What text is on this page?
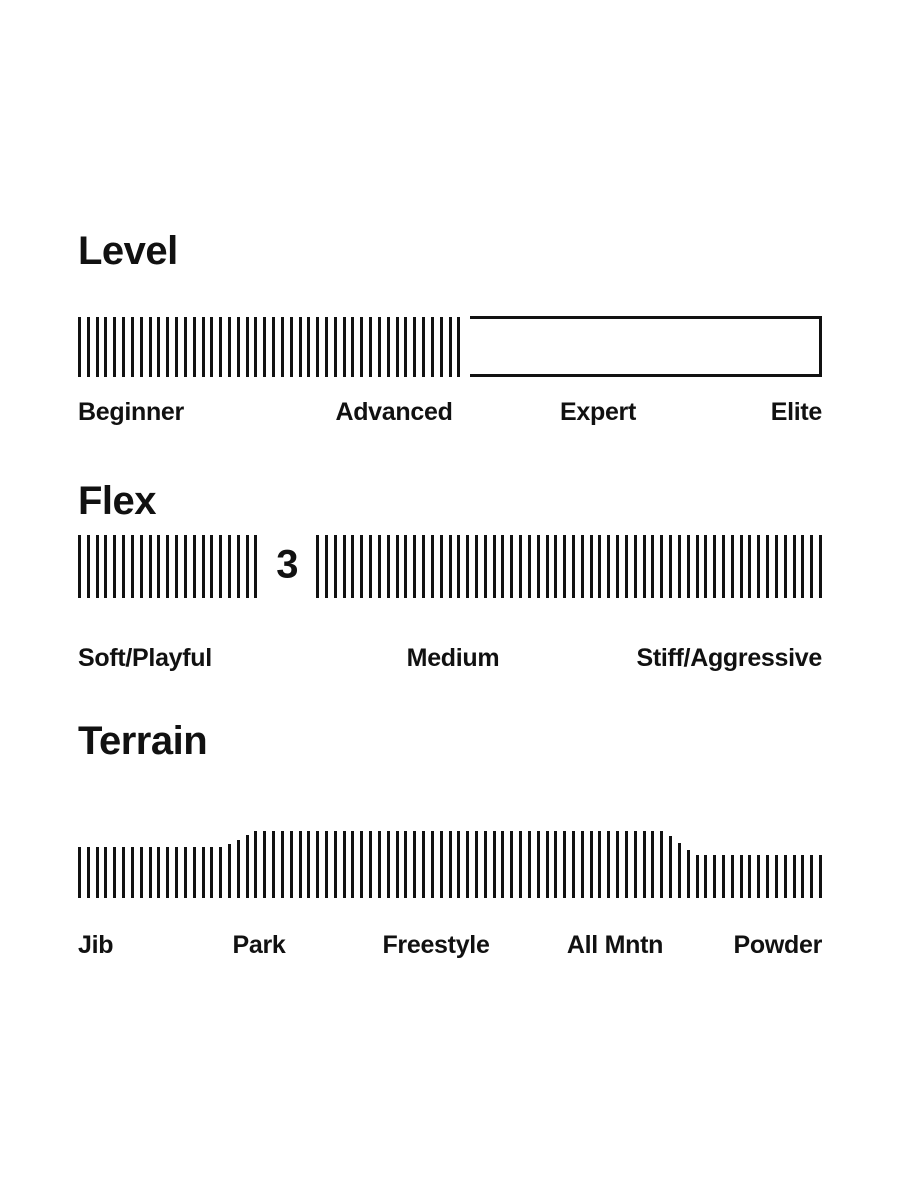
Level
Beginner	Advanced	Expert	Elite
Flex
3
Soft/Playful	Medium	Stiff/Aggressive
Terrain
Jib	Park	Freestyle	All Mntn	Powder
